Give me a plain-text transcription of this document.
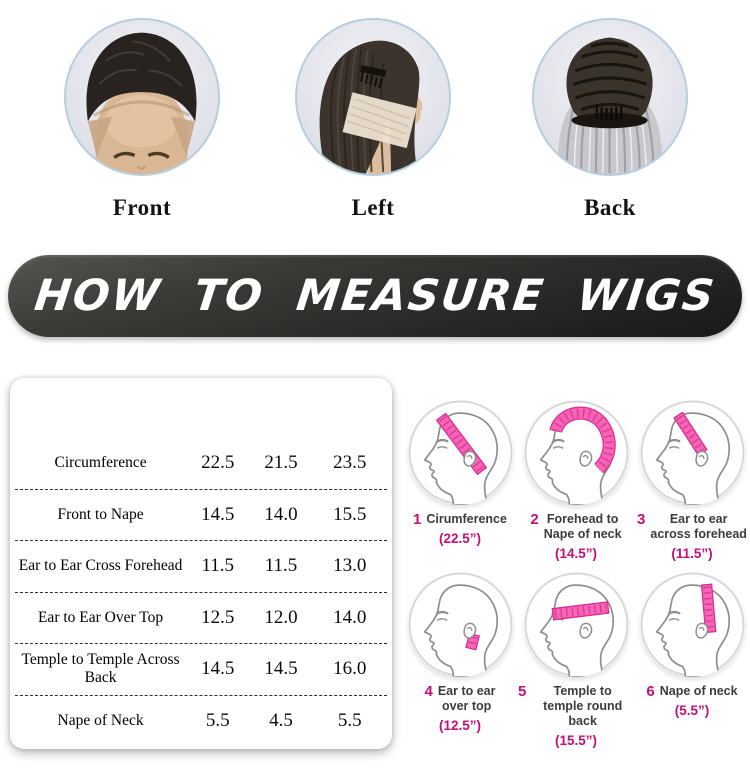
Front	Left	Back
HOW TO MEASURE WIGS
Cap Size(inch)	Medium Small	Large
Circumference	22.5	21.5	23.5
Front to Nape	14.5	14.0	15.5
Ear to Ear Cross Forehead	11.5	11.5	13.0
Ear to Ear Over Top	12.5	12.0	14.0
Temple to Temple Across Back	14.5	14.5	16.0
Nape of Neck	5.5	4.5	5.5
1 Cirumference
(22.5”)
2 Forehead to
Nape of neck
(14.5”)
3	Ear to ear
across forehead
(11.5”)
4 Ear to ear
over top
(12.5”)
5	Temple to
temple round back
(15.5”)
6 Nape of neck
(5.5”)
